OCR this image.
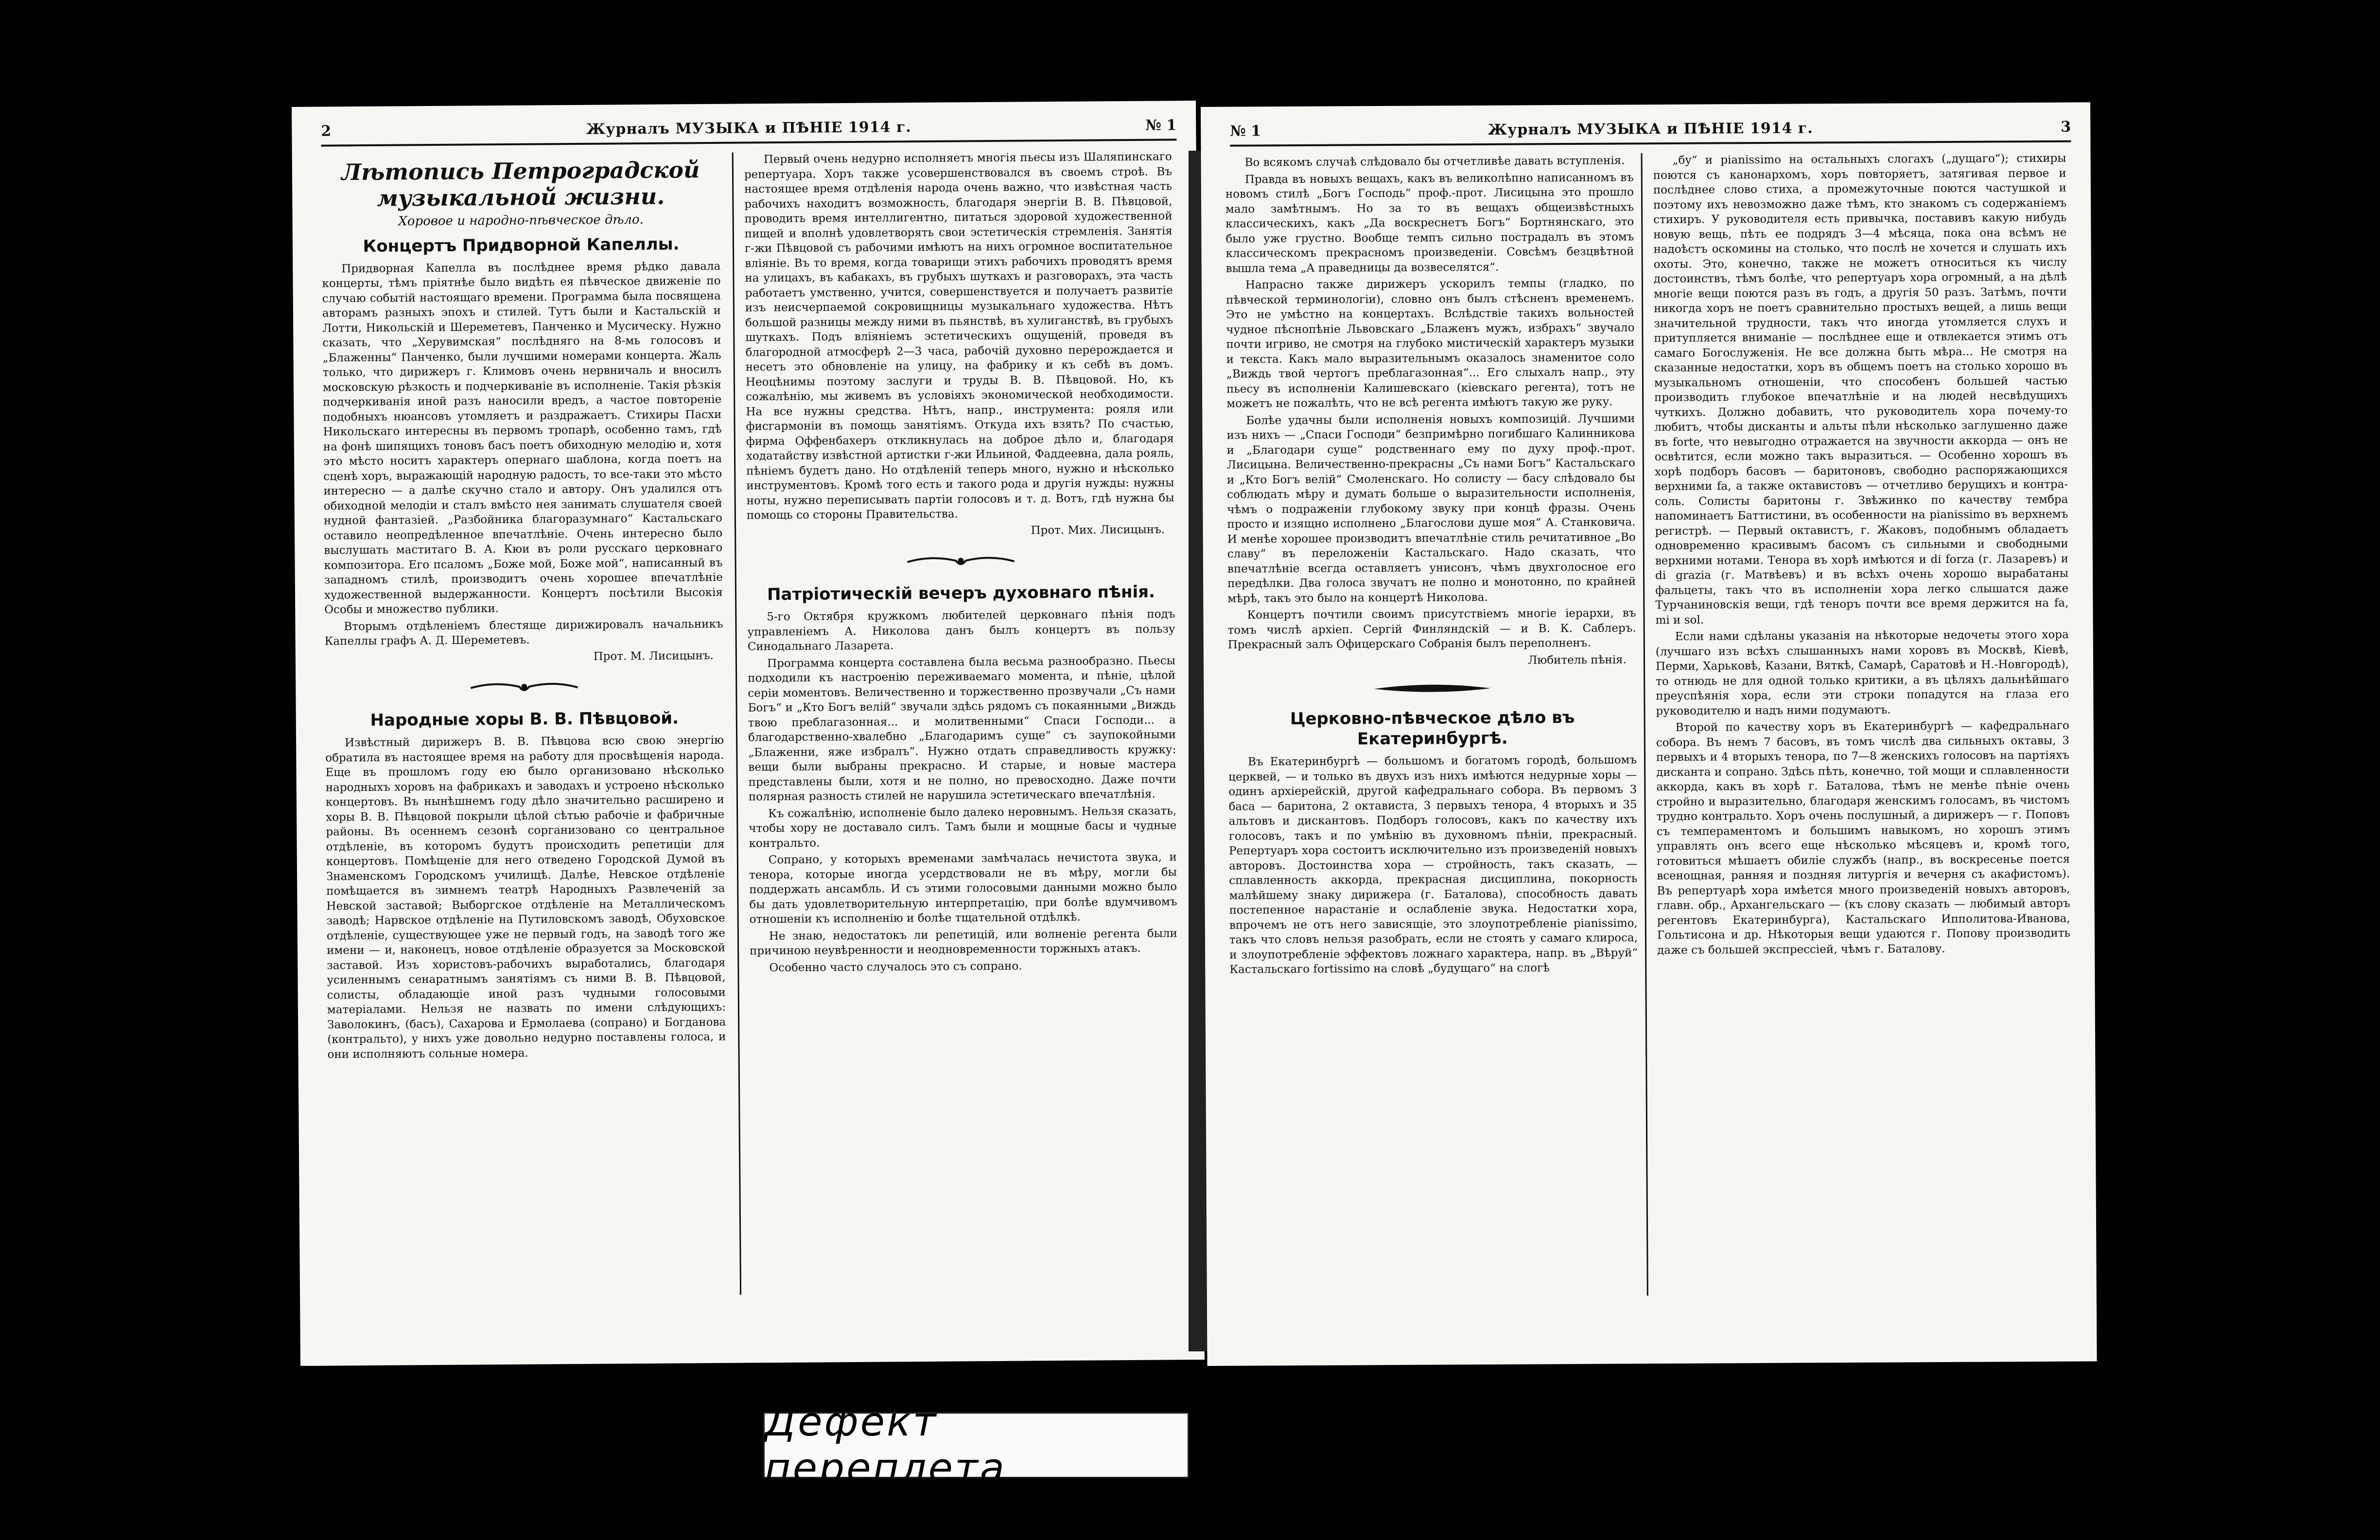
2	Журналъ МУЗЫКА и ПѢНІЕ 1914 г.	№ 1
Лѣтопись Петроградской музыкальной жизни.
Хоровое и народно-пѣвческое дѣло.
Концертъ Придворной Капеллы.

Придворная Капелла въ послѣднее время рѣдко давала концерты, тѣмъ пріятнѣе было видѣть ея пѣвческое движеніе по случаю событій настоящаго времени. Программа была посвящена авторамъ разныхъ эпохъ и стилей. Тутъ были и Кастальскій и Лотти, Никольскій и Шереметевъ, Панченко и Мусическу. Нужно сказать, что „Херувимская“ послѣдняго на 8-мь голосовъ и „Блаженны“ Панченко, были лучшими номерами концерта. Жаль только, что дирижеръ г. Климовъ очень нервничаль и вносилъ московскую рѣзкость и подчеркиваніе въ исполненіе. Такія рѣзкія подчеркиванія иной разъ наносили вредъ, а частое повтореніе подобныхъ нюансовъ утомляетъ и раздражаетъ. Стихиры Пасхи Никольскаго интересны въ первомъ тропарѣ, особенно тамъ, гдѣ на фонѣ шипящихъ тоновъ басъ поетъ обиходную мелодію и, хотя это мѣсто носитъ характеръ опернаго шаблона, когда поетъ на сценѣ хоръ, выражающій народную радость, то все-таки это мѣсто интересно — а далѣе скучно стало и автору. Онъ удалился отъ обиходной мелодіи и сталъ вмѣсто нея занимать слушателя своей нудной фантазіей. „Разбойника благоразумнаго“ Кастальскаго оставило неопредѣленное впечатлѣніе. Очень интересно было выслушать маститаго В. А. Кюи въ роли русскаго церковнаго композитора. Его псаломъ „Боже мой, Боже мой“, написанный въ западномъ стилѣ, производитъ очень хорошее впечатлѣніе художественной выдержанности. Концертъ посѣтили Высокія Особы и множество публики.

Вторымъ отдѣленіемъ блестяще дирижировалъ начальникъ Капеллы графъ А. Д. Шереметевъ.

Прот. М. Лисицынъ.
Народные хоры В. В. Пѣвцовой.

Извѣстный дирижеръ В. В. Пѣвцова всю свою энергію обратила въ настоящее время на работу для просвѣщенія народа. Еще въ прошломъ году ею было организовано нѣсколько народныхъ хоровъ на фабрикахъ и заводахъ и устроено нѣсколько концертовъ. Въ нынѣшнемъ году дѣло значительно расширено и хоры В. В. Пѣвцовой покрыли цѣлой сѣтью рабочіе и фабричные районы. Въ осеннемъ сезонѣ сорганизовано со центральное отдѣленіе, въ которомъ будутъ происходить репетиціи для концертовъ. Помѣщеніе для него отведено Городской Думой въ Знаменскомъ Городскомъ училищѣ. Далѣе, Невское отдѣленіе помѣщается въ зимнемъ театрѣ Народныхъ Развлеченій за Невской заставой; Выборгское отдѣленіе на Металлическомъ заводѣ; Нарвское отдѣленіе на Путиловскомъ заводѣ, Обуховское отдѣленіе, существующее уже не первый годъ, на заводѣ того же имени — и, наконецъ, новое отдѣленіе образуется за Московской заставой. Изъ хористовъ-рабочихъ выработались, благодаря усиленнымъ сенаратнымъ занятіямъ съ ними В. В. Пѣвцовой, солисты, обладающіе иной разъ чудными голосовыми матеріалами. Нельзя не назвать по имени слѣдующихъ: Заволокинъ, (басъ), Сахарова и Ермолаева (сопрано) и Богданова (контральто), у нихъ уже довольно недурно поставлены голоса, и они исполняютъ сольные номера.

Первый очень недурно исполняетъ многія пьесы изъ Шаляпинскаго репертуара. Хоръ также усовершенствовался въ своемъ строѣ. Въ настоящее время отдѣленія народа очень важно, что извѣстная часть рабочихъ находитъ возможность, благодаря энергіи В. В. Пѣвцовой, проводить время интеллигентно, питаться здоровой художественной пищей и вполнѣ удовлетворять свои эстетическія стремленія. Занятія г-жи Пѣвцовой съ рабочими имѣютъ на нихъ огромное воспитательное вліяніе. Въ то время, когда товарищи этихъ рабочихъ проводятъ время на улицахъ, въ кабакахъ, въ грубыхъ шуткахъ и разговорахъ, эта часть работаетъ умственно, учится, совершенствуется и получаетъ развитіе изъ неисчерпаемой сокровищницы музыкальнаго художества. Нѣтъ большой разницы между ними въ пьянствѣ, въ хулиганствѣ, въ грубыхъ шуткахъ. Подъ вліяніемъ эстетическихъ ощущеній, проведя въ благородной атмосферѣ 2—3 часа, рабочій духовно перерождается и несетъ это обновленіе на улицу, на фабрику и къ себѣ въ домъ. Неоцѣнимы поэтому заслуги и труды В. В. Пѣвцовой. Но, къ сожалѣнію, мы живемъ въ условіяхъ экономической необходимости. На все нужны средства. Нѣтъ, напр., инструмента: рояля или фисгармоніи въ помощь занятіямъ. Откуда ихъ взять? По счастью, фирма Оффенбахеръ откликнулась на доброе дѣло и, благодаря ходатайству извѣстной артистки г-жи Ильиной, Фаддеевна, дала рояль, пѣніемъ будетъ дано. Но отдѣленій теперь много, нужно и нѣсколько инструментовъ. Кромѣ того есть и такого рода и другія нужды: нужны ноты, нужно переписывать партіи голосовъ и т. д. Вотъ, гдѣ нужна бы помощь со стороны Правительства.

Прот. Мих. Лисицынъ.
Патріотическій вечеръ духовнаго пѣнія.

5-го Октября кружкомъ любителей церковнаго пѣнія подъ управленіемъ А. Николова данъ былъ концертъ въ пользу Синодальнаго Лазарета.

Программа концерта составлена была весьма разнообразно. Пьесы подходили къ настроенію переживаемаго момента, и пѣніе, цѣлой серіи моментовъ. Величественно и торжественно прозвучали „Съ нами Богъ“ и „Кто Богъ велій“ звучали здѣсь рядомъ съ покаянными „Виждь твою преблагазонная... и молитвенными“ Спаси Господи... а благодарственно-хвалебно „Благодаримъ суще“ съ заупокойными „Блаженни, яже избралъ“. Нужно отдать справедливость кружку: вещи были выбраны прекрасно. И старые, и новые мастера представлены были, хотя и не полно, но превосходно. Даже почти полярная разность стилей не нарушила эстетическаго впечатлѣнія.

Къ сожалѣнію, исполненіе было далеко неровнымъ. Нельзя сказать, чтобы хору не доставало силъ. Тамъ были и мощные басы и чудные контральто.

Сопрано, у которыхъ временами замѣчалась нечистота звука, и тенора, которые иногда усердствовали не въ мѣру, могли бы поддержать ансамбль. И съ этими голосовыми данными можно было бы дать удовлетворительную интерпретацію, при болѣе вдумчивомъ отношеніи къ исполненію и болѣе тщательной отдѣлкѣ.

Не знаю, недостатокъ ли репетицій, или волненіе регента были причиною неувѣренности и неодновременности торжныхъ атакъ.

Особенно часто случалось это съ сопрано.

№ 1	Журналъ МУЗЫКА и ПѢНІЕ 1914 г.	3

Во всякомъ случаѣ слѣдовало бы отчетливѣе давать вступленія.

Правда въ новыхъ вещахъ, какъ въ великолѣпно написанномъ въ новомъ стилѣ „Богъ Господь“ проф.-прот. Лисицына это прошло мало замѣтнымъ. Но за то въ вещахъ общеизвѣстныхъ классическихъ, какъ „Да воскреснетъ Богъ“ Бортнянскаго, это было уже грустно. Вообще темпъ сильно пострадалъ въ этомъ классическомъ прекрасномъ произведеніи. Совсѣмъ безцвѣтной вышла тема „А праведницы да возвеселятся“.

Напрасно также дирижеръ ускорилъ темпы (гладко, по пѣвческой терминологіи), словно онъ былъ стѣсненъ временемъ. Это не умѣстно на концертахъ. Вслѣдствіе такихъ вольностей чудное пѣснопѣніе Львовскаго „Блаженъ мужъ, избрахъ“ звучало почти игриво, не смотря на глубоко мистическій характеръ музыки и текста. Какъ мало выразительнымъ оказалось знаменитое соло „Виждь твой чертогъ преблагазонная“... Его слыхалъ напр., эту пьесу въ исполненіи Калишевскаго (кіевскаго регента), тотъ не можетъ не пожалѣть, что не всѣ регента имѣютъ такую же руку.

Болѣе удачны были исполненія новыхъ композицій. Лучшими изъ нихъ — „Спаси Господи“ безпримѣрно погибшаго Калинникова и „Благодари суще“ родственнаго ему по духу проф.-прот. Лисицына. Величественно-прекрасны „Съ нами Богъ“ Кастальскаго и „Кто Богъ велій“ Смоленскаго. Но солисту — басу слѣдовало бы соблюдать мѣру и думать больше о выразительности исполненія, чѣмъ о подраженіи глубокому звуку при концѣ фразы. Очень просто и изящно исполнено „Благослови душе моя“ А. Станковича. И менѣе хорошее производитъ впечатлѣніе стиль речитативное „Во славу“ въ переложеніи Кастальскаго. Надо сказать, что впечатлѣніе всегда оставляетъ унисонъ, чѣмъ двухголосное его передѣлки. Два голоса звучатъ не полно и монотонно, по крайней мѣрѣ, такъ это было на концертѣ Николова.

Концертъ почтили своимъ присутствіемъ многіе іерархи, въ томъ числѣ архіеп. Сергій Финляндскій — и В. К. Саблеръ. Прекрасный залъ Офицерскаго Собранія былъ переполненъ.

Любитель пѣнія.
Церковно-пѣвческое дѣло въ Екатеринбургѣ.

Въ Екатеринбургѣ — большомъ и богатомъ городѣ, большомъ церквей, — и только въ двухъ изъ нихъ имѣются недурные хоры — одинъ архіерейскій, другой кафедральнаго собора. Въ первомъ 3 баса — баритона, 2 октависта, 3 первыхъ тенора, 4 вторыхъ и 35 альтовъ и дискантовъ. Подборъ голосовъ, какъ по качеству ихъ голосовъ, такъ и по умѣнію въ духовномъ пѣніи, прекрасный. Репертуаръ хора состоитъ исключительно изъ произведеній новыхъ авторовъ. Достоинства хора — стройность, такъ сказать, — сплавленность аккорда, прекрасная дисциплина, покорность малѣйшему знаку дирижера (г. Баталова), способность давать постепенное нарастаніе и ослабленіе звука. Недостатки хора, впрочемъ не отъ него зависящіе, это злоупотребленіе pianissimo, такъ что словъ нельзя разобрать, если не стоять у самаго клироса, и злоупотребленіе эффектовъ ложнаго характера, напр. въ „Вѣруй“ Кастальскаго fortissimo на словѣ „будущаго“ на слогѣ

„бу“ и pianissimo на остальныхъ слогахъ („дущаго“); стихиры поются съ канонархомъ, хоръ повторяетъ, затягивая первое и послѣднее слово стиха, а промежуточные поются частушкой и поэтому ихъ невозможно даже тѣмъ, кто знакомъ съ содержаніемъ стихиръ. У руководителя есть привычка, поставивъ какую нибудь новую вещь, пѣть ее подрядъ 3—4 мѣсяца, пока она всѣмъ не надоѣстъ оскомины на столько, что послѣ не хочется и слушать ихъ охоты. Это, конечно, также не можетъ относиться къ числу достоинствъ, тѣмъ болѣе, что репертуаръ хора огромный, а на дѣлѣ многіе вещи поются разъ въ годъ, а другія 50 разъ. Затѣмъ, почти никогда хоръ не поетъ сравнительно простыхъ вещей, а лишь вещи значительной трудности, такъ что иногда утомляется слухъ и притупляется вниманіе — послѣднее еще и отвлекается этимъ отъ самаго Богослуженія. Не все должна быть мѣра... Не смотря на сказанные недостатки, хоръ въ общемъ поетъ на столько хорошо въ музыкальномъ отношеніи, что способенъ большей частью производить глубокое впечатлѣніе и на людей несвѣдущихъ чуткихъ. Должно добавить, что руководитель хора почему-то любитъ, чтобы дисканты и альты пѣли нѣсколько заглушенно даже въ forte, что невыгодно отражается на звучности аккорда — онъ не освѣтится, если можно такъ выразиться. — Особенно хорошъ въ хорѣ подборъ басовъ — баритоновъ, свободно распоряжающихся верхними fa, а также октавистовъ — отчетливо берущихъ и контра-соль. Солисты баритоны г. Звѣжинко по качеству тембра напоминаетъ Баттистини, въ особенности на pianissimo въ верхнемъ регистрѣ. — Первый октавистъ, г. Жаковъ, подобнымъ обладаетъ одновременно красивымъ басомъ съ сильными и свободными верхними нотами. Тенора въ хорѣ имѣются и di forza (г. Лазаревъ) и di grazia (г. Матвѣевъ) и въ всѣхъ очень хорошо вырабатаны фальцеты, такъ что въ исполненіи хора легко слышатся даже Турчаниновскія вещи, гдѣ теноръ почти все время держится на fa, mi и sol.

Если нами сдѣланы указанія на нѣкоторые недочеты этого хора (лучшаго изъ всѣхъ слышанныхъ нами хоровъ въ Москвѣ, Кіевѣ, Перми, Харьковѣ, Казани, Вяткѣ, Самарѣ, Саратовѣ и Н.-Новгородѣ), то отнюдь не для одной только критики, а въ цѣляхъ дальнѣйшаго преуспѣянія хора, если эти строки попадутся на глаза его руководителю и надъ ними подумаютъ.

Второй по качеству хоръ въ Екатеринбургѣ — кафедральнаго собора. Въ немъ 7 басовъ, въ томъ числѣ два сильныхъ октавы, 3 первыхъ и 4 вторыхъ тенора, по 7—8 женскихъ голосовъ на партіяхъ дисканта и сопрано. Здѣсь пѣть, конечно, той мощи и сплавленности аккорда, какъ въ хорѣ г. Баталова, тѣмъ не менѣе пѣніе очень стройно и выразительно, благодаря женскимъ голосамъ, въ чистомъ трудно контральто. Хоръ очень послушный, а дирижеръ — г. Поповъ съ темпераментомъ и большимъ навыкомъ, но хорошъ этимъ управлять онъ всего еще нѣсколько мѣсяцевъ и, кромѣ того, готовиться мѣшаетъ обиліе службъ (напр., въ воскресенье поется всенощная, ранняя и поздняя литургія и вечерня съ акафистомъ). Въ репертуарѣ хора имѣется много произведеній новыхъ авторовъ, главн. обр., Архангельскаго — (къ слову сказать — любимый авторъ регентовъ Екатеринбурга), Кастальскаго Ипполитова-Иванова, Гольтисона и др. Нѣкоторыя вещи удаются г. Попову производить даже съ большей экспрессіей, чѣмъ г. Баталову.

Дефект переплета
